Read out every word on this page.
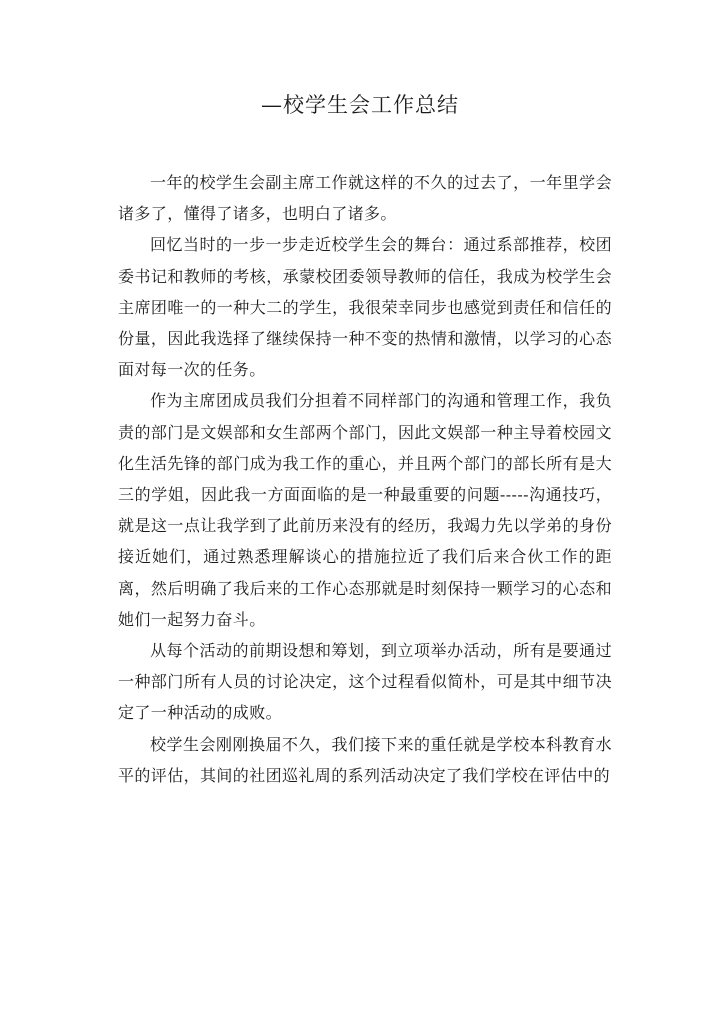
—校学生会工作总结

一年的校学生会副主席工作就这样的不久的过去了，一年里学会诸多了，懂得了诸多，也明白了诸多。

回忆当时的一步一步走近校学生会的舞台：通过系部推荐，校团委书记和教师的考核，承蒙校团委领导教师的信任，我成为校学生会主席团唯一的一种大二的学生，我很荣幸同步也感觉到责任和信任的份量，因此我选择了继续保持一种不变的热情和激情，以学习的心态面对每一次的任务。

作为主席团成员我们分担着不同样部门的沟通和管理工作，我负责的部门是文娱部和女生部两个部门，因此文娱部一种主导着校园文化生活先锋的部门成为我工作的重心，并且两个部门的部长所有是大三的学姐，因此我一方面面临的是一种最重要的问题-----沟通技巧，就是这一点让我学到了此前历来没有的经历，我竭力先以学弟的身份接近她们，通过熟悉理解谈心的措施拉近了我们后来合伙工作的距离，然后明确了我后来的工作心态那就是时刻保持一颗学习的心态和她们一起努力奋斗。

从每个活动的前期设想和筹划，到立项举办活动，所有是要通过一种部门所有人员的讨论决定，这个过程看似简朴，可是其中细节决定了一种活动的成败。

校学生会刚刚换届不久，我们接下来的重任就是学校本科教育水平的评估，其间的社团巡礼周的系列活动决定了我们学校在评估中的
